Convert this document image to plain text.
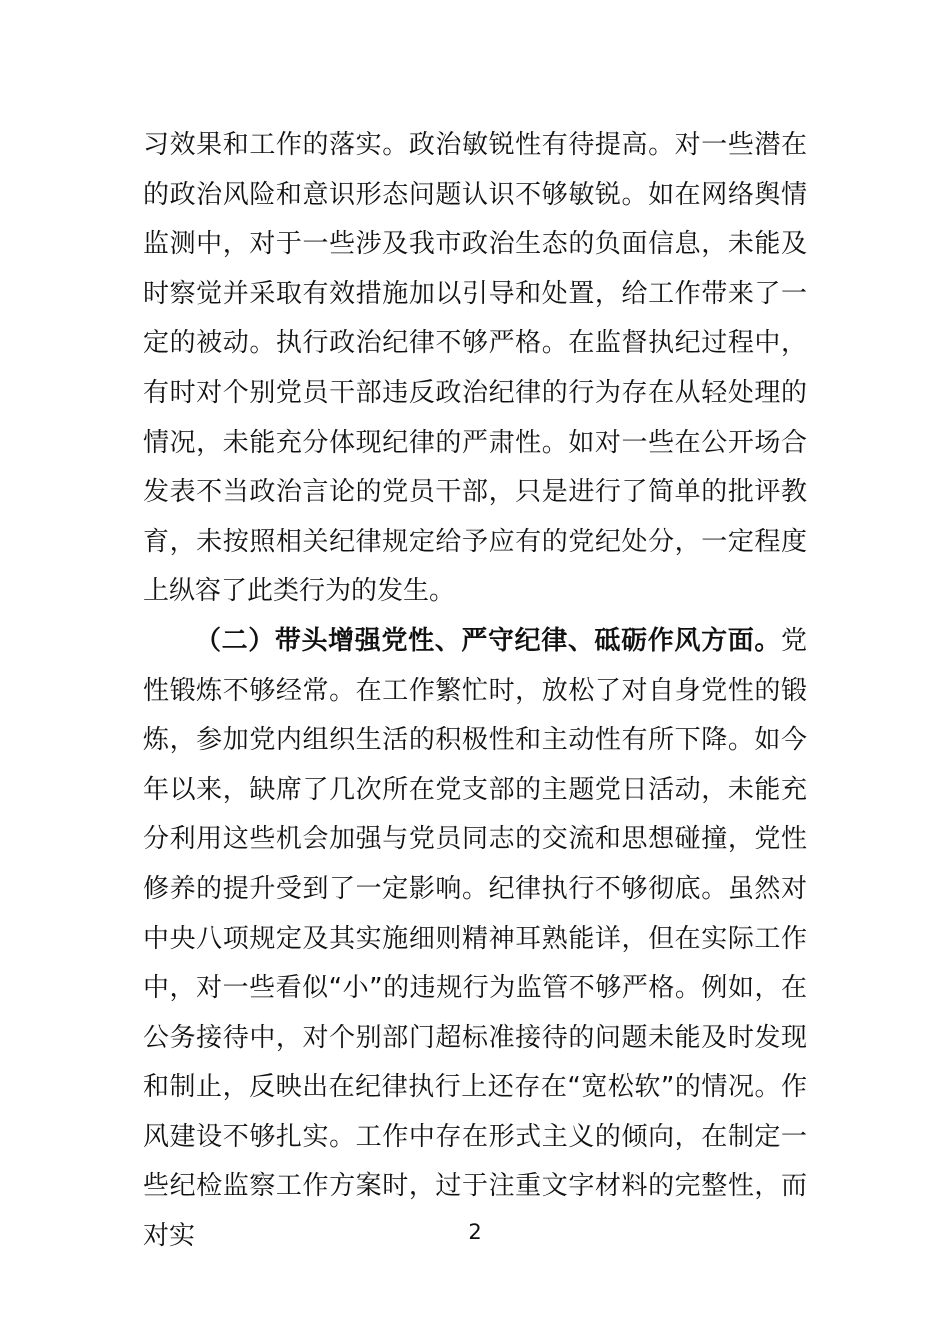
习效果和工作的落实。政治敏锐性有待提高。对一些潜在的政治风险和意识形态问题认识不够敏锐。如在网络舆情监测中，对于一些涉及我市政治生态的负面信息，未能及时察觉并采取有效措施加以引导和处置，给工作带来了一定的被动。执行政治纪律不够严格。在监督执纪过程中，有时对个别党员干部违反政治纪律的行为存在从轻处理的情况，未能充分体现纪律的严肃性。如对一些在公开场合发表不当政治言论的党员干部，只是进行了简单的批评教育，未按照相关纪律规定给予应有的党纪处分，一定程度上纵容了此类行为的发生。

（二）带头增强党性、严守纪律、砥砺作风方面。党性锻炼不够经常。在工作繁忙时，放松了对自身党性的锻炼，参加党内组织生活的积极性和主动性有所下降。如今年以来，缺席了几次所在党支部的主题党日活动，未能充分利用这些机会加强与党员同志的交流和思想碰撞，党性修养的提升受到了一定影响。纪律执行不够彻底。虽然对中央八项规定及其实施细则精神耳熟能详，但在实际工作中，对一些看似“小”的违规行为监管不够严格。例如，在公务接待中，对个别部门超标准接待的问题未能及时发现和制止，反映出在纪律执行上还存在“宽松软”的情况。作风建设不够扎实。工作中存在形式主义的倾向，在制定一些纪检监察工作方案时，过于注重文字材料的完整性，而对实	2
